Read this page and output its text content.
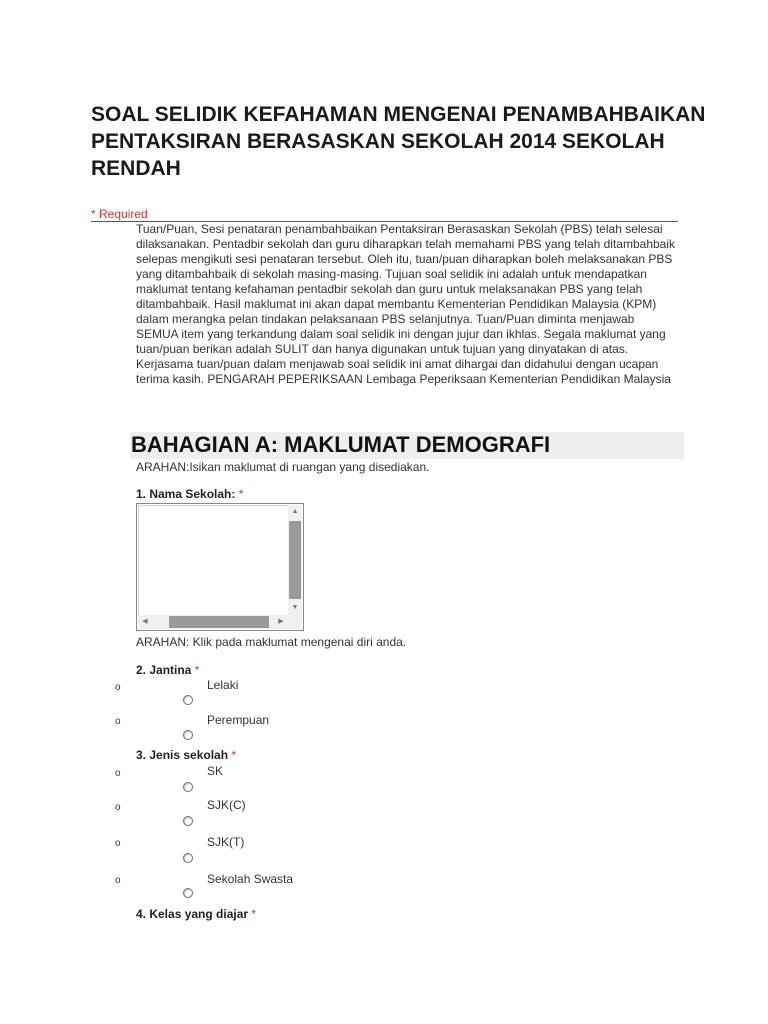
SOAL SELIDIK KEFAHAMAN MENGENAI PENAMBAHBAIKAN PENTAKSIRAN BERASASKAN SEKOLAH 2014 SEKOLAH RENDAH
* Required
Tuan/Puan, Sesi penataran penambahbaikan Pentaksiran Berasaskan Sekolah (PBS) telah selesai dilaksanakan. Pentadbir sekolah dan guru diharapkan telah memahami PBS yang telah ditambahbaik selepas mengikuti sesi penataran tersebut. Oleh itu, tuan/puan diharapkan boleh melaksanakan PBS yang ditambahbaik di sekolah masing-masing. Tujuan soal selidik ini adalah untuk mendapatkan maklumat tentang kefahaman pentadbir sekolah dan guru untuk melaksanakan PBS yang telah ditambahbaik. Hasil maklumat ini akan dapat membantu Kementerian Pendidikan Malaysia (KPM) dalam merangka pelan tindakan pelaksanaan PBS selanjutnya. Tuan/Puan diminta menjawab SEMUA item yang terkandung dalam soal selidik ini dengan jujur dan ikhlas. Segala maklumat yang tuan/puan berikan adalah SULIT dan hanya digunakan untuk tujuan yang dinyatakan di atas. Kerjasama tuan/puan dalam menjawab soal selidik ini amat dihargai dan didahului dengan ucapan terima kasih. PENGARAH PEPERIKSAAN Lembaga Peperiksaan Kementerian Pendidikan Malaysia
BAHAGIAN A: MAKLUMAT DEMOGRAFI
ARAHAN:Isikan maklumat di ruangan yang disediakan.
1. Nama Sekolah: *
▲
▼
◀	▶
ARAHAN: Klik pada maklumat mengenai diri anda.
2. Jantina *
o	Lelaki
o	Perempuan
3. Jenis sekolah *
o	SK
o	SJK(C)
o	SJK(T)
o	Sekolah Swasta
4. Kelas yang diajar *
